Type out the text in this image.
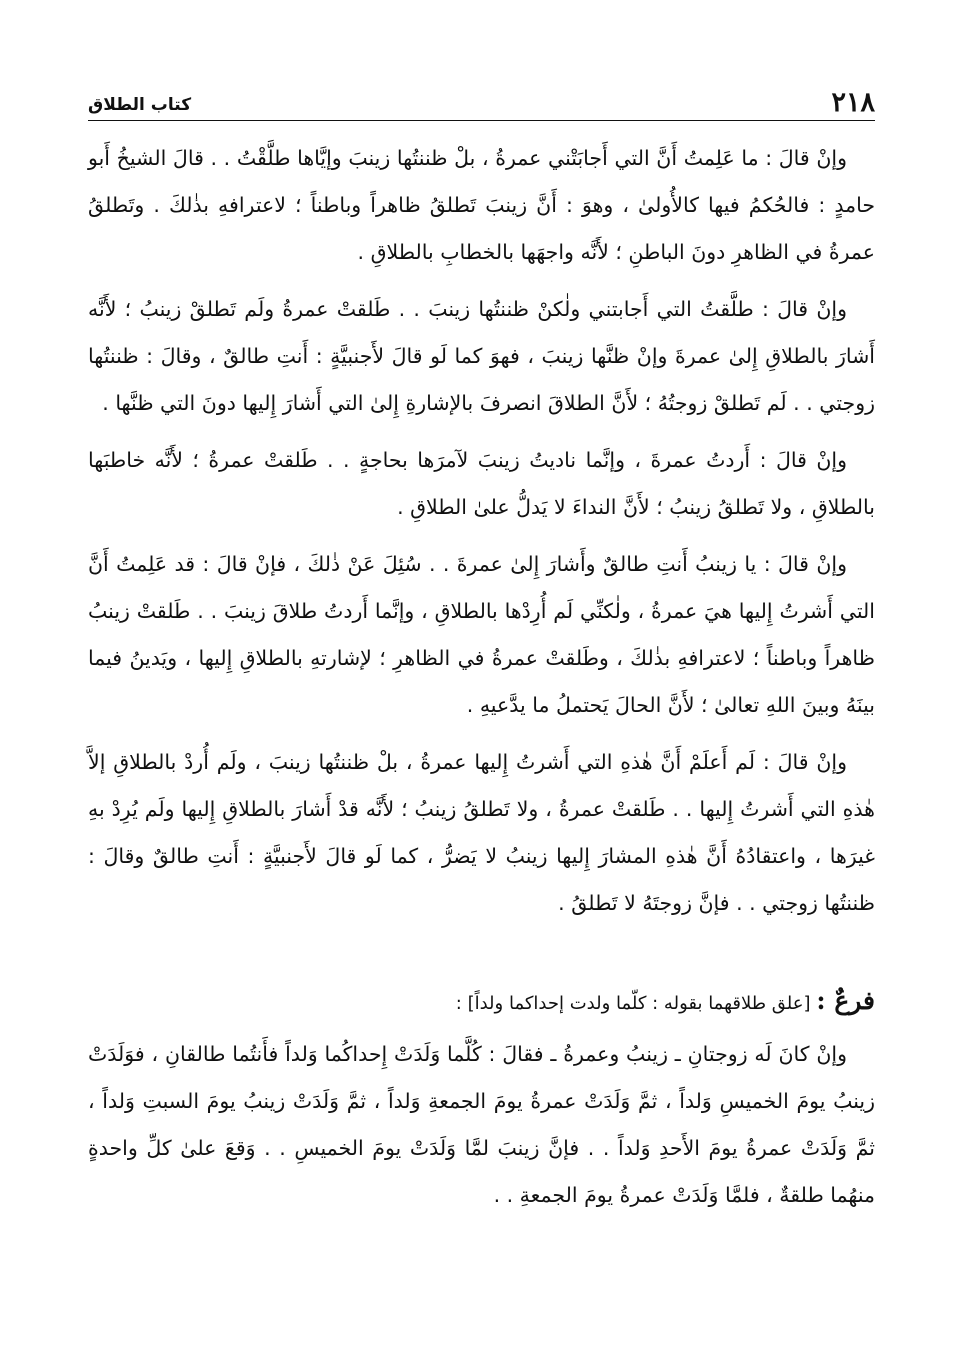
٢١٨
كتاب الطلاق

وإنْ قالَ : ما عَلِمتُ أَنَّ التي أَجابَتْني عمرةُ ، بلْ ظننتُها زينبَ وإيَّاها طلَّقْتُ . . قالَ الشيخُ أَبو حامدٍ : فالحُكمُ فيها كالأُولىٰ ، وهوَ : أَنَّ زينبَ تَطلقُ ظاهراً وباطناً ؛ لاعترافهِ بذٰلكَ . وتَطلقُ عمرةُ في الظاهرِ دونَ الباطنِ ؛ لأَنَّه واجهَها بالخطابِ بالطلاقِ .

وإنْ قالَ : طلَّقتُ التي أَجابتني ولٰكنْ ظننتُها زينبَ . . طَلقتْ عمرةُ ولَم تَطلقْ زينبُ ؛ لأَنَّه أَشارَ بالطلاقِ إِلىٰ عمرةَ وإنْ ظنَّها زينبَ ، فهوَ كما لَو قالَ لأَجنبيَّةٍ : أَنتِ طالقٌ ، وقالَ : ظننتُها زوجتي . . لَم تَطلقْ زوجتُهُ ؛ لأَنَّ الطلاقَ انصرفَ بالإشارةِ إِلىٰ التي أَشارَ إِليها دونَ التي ظنَّها .

وإنْ قالَ : أَردتُ عمرةَ ، وإنَّما ناديتُ زينبَ لآمرَها بحاجةٍ . . طَلقتْ عمرةُ ؛ لأَنَّه خاطبَها بالطلاقِ ، ولا تَطلقُ زينبُ ؛ لأَنَّ النداءَ لا يَدلُّ علىٰ الطلاقِ .

وإنْ قالَ : يا زينبُ أَنتِ طالقٌ وأَشارَ إِلىٰ عمرةَ . . سُئِلَ عَنْ ذٰلكَ ، فإنْ قالَ : قد عَلِمتُ أَنَّ التي أَشرتُ إِليها هيَ عمرةُ ، ولٰكنِّي لَم أُرِدْها بالطلاقِ ، وإنَّما أَردتُ طلاقَ زينبَ . . طَلقتْ زينبُ ظاهراً وباطناً ؛ لاعترافهِ بذٰلكَ ، وطَلقتْ عمرةُ في الظاهرِ ؛ لإشارتهِ بالطلاقِ إِليها ، ويَدينُ فيما بينَهُ وبينَ اللهِ تعالىٰ ؛ لأَنَّ الحالَ يَحتملُ ما يدَّعيهِ .

وإنْ قالَ : لَم أَعلَمْ أَنَّ هٰذهِ التي أَشرتُ إِليها عمرةُ ، بلْ ظننتُها زينبَ ، ولَم أُردْ بالطلاقِ إلاَّ هٰذهِ التي أَشرتُ إِليها . . طَلقتْ عمرةُ ، ولا تَطلقُ زينبُ ؛ لأَنَّه قدْ أَشارَ بالطلاقِ إِليها ولَم يُرِدْ بهِ غيرَها ، واعتقادُهُ أَنَّ هٰذهِ المشارَ إِليها زينبُ لا يَضرُّ ، كما لَو قالَ لأَجنبيَّةٍ : أَنتِ طالقٌ وقالَ : ظننتُها زوجتي . . فإنَّ زوجتَهُ لا تَطلقُ .

فرعٌ : [علق طلاقهما بقوله : كلّما ولدت إحداكما ولداً] :

وإنْ كانَ لَه زوجتانِ ـ زينبُ وعمرةُ ـ فقالَ : كُلَّما وَلَدَتْ إِحداكُما وَلداً فأَنتُما طالقانِ ، فوَلَدَتْ زينبُ يومَ الخميسِ وَلداً ، ثمَّ وَلَدَتْ عمرةُ يومَ الجمعةِ وَلداً ، ثمَّ وَلَدَتْ زينبُ يومَ السبتِ وَلداً ، ثمَّ وَلَدَتْ عمرةُ يومَ الأَحدِ وَلداً . . فإنَّ زينبَ لمَّا وَلَدَتْ يومَ الخميسِ . . وَقعَ علىٰ كلِّ واحدةٍ منهُما طلقةٌ ، فلمَّا وَلَدَتْ عمرةُ يومَ الجمعةِ . .
